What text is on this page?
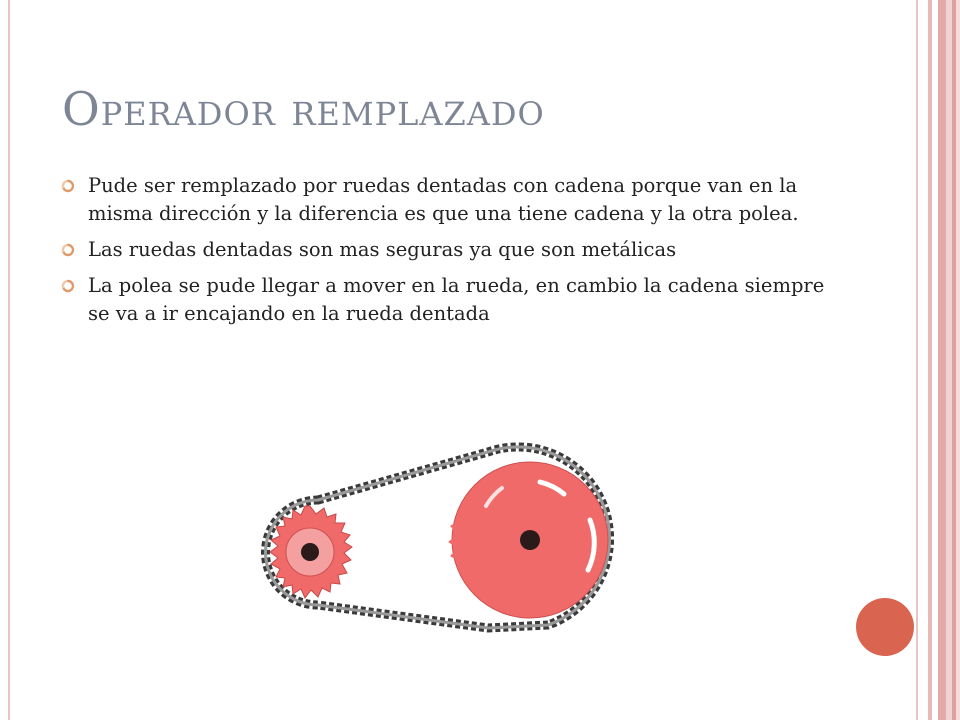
Operador remplazado
Pude ser remplazado por ruedas dentadas con cadena porque van en la misma dirección y la diferencia es que una tiene cadena y la otra polea.
Las ruedas dentadas son mas seguras ya que son metálicas
La polea se pude llegar a mover en la rueda, en cambio la cadena siempre se va a ir encajando en la rueda dentada
